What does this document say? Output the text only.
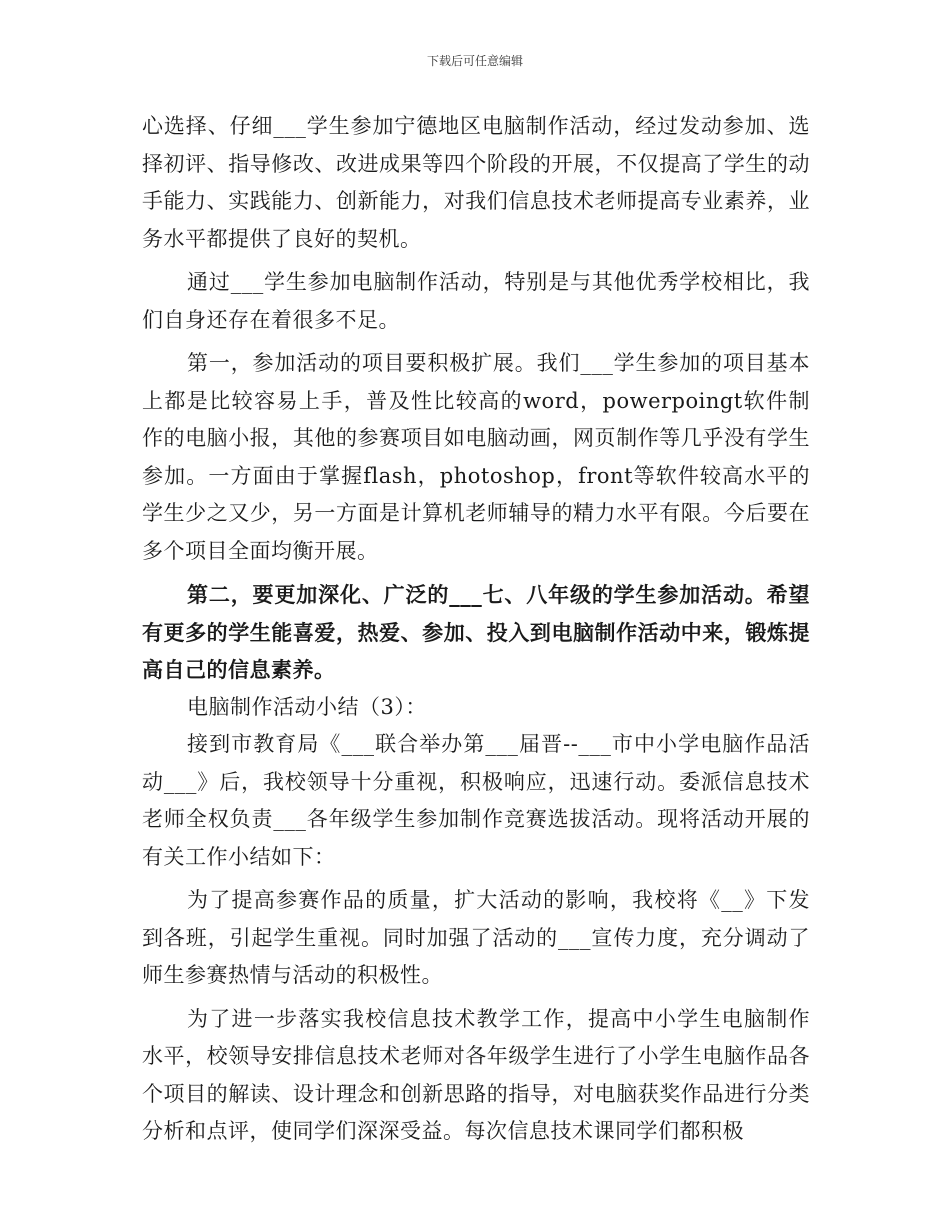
下载后可任意编辑

心选择、仔细___学生参加宁德地区电脑制作活动，经过发动参加、选择初评、指导修改、改进成果等四个阶段的开展，不仅提高了学生的动手能力、实践能力、创新能力，对我们信息技术老师提高专业素养，业务水平都提供了良好的契机。

通过___学生参加电脑制作活动，特别是与其他优秀学校相比，我们自身还存在着很多不足。

第一，参加活动的项目要积极扩展。我们___学生参加的项目基本上都是比较容易上手，普及性比较高的word，powerpoingt软件制作的电脑小报，其他的参赛项目如电脑动画，网页制作等几乎没有学生参加。一方面由于掌握flash，photoshop，front等软件较高水平的学生少之又少，另一方面是计算机老师辅导的精力水平有限。今后要在多个项目全面均衡开展。

第二，要更加深化、广泛的___七、八年级的学生参加活动。希望有更多的学生能喜爱，热爱、参加、投入到电脑制作活动中来，锻炼提高自己的信息素养。

电脑制作活动小结（3）：

接到市教育局《___联合举办第___届晋--___市中小学电脑作品活动___》后，我校领导十分重视，积极响应，迅速行动。委派信息技术老师全权负责___各年级学生参加制作竞赛选拔活动。现将活动开展的有关工作小结如下：

为了提高参赛作品的质量，扩大活动的影响，我校将《__》下发到各班，引起学生重视。同时加强了活动的___宣传力度，充分调动了师生参赛热情与活动的积极性。

为了进一步落实我校信息技术教学工作，提高中小学生电脑制作水平，校领导安排信息技术老师对各年级学生进行了小学生电脑作品各个项目的解读、设计理念和创新思路的指导，对电脑获奖作品进行分类分析和点评，使同学们深深受益。每次信息技术课同学们都积极
